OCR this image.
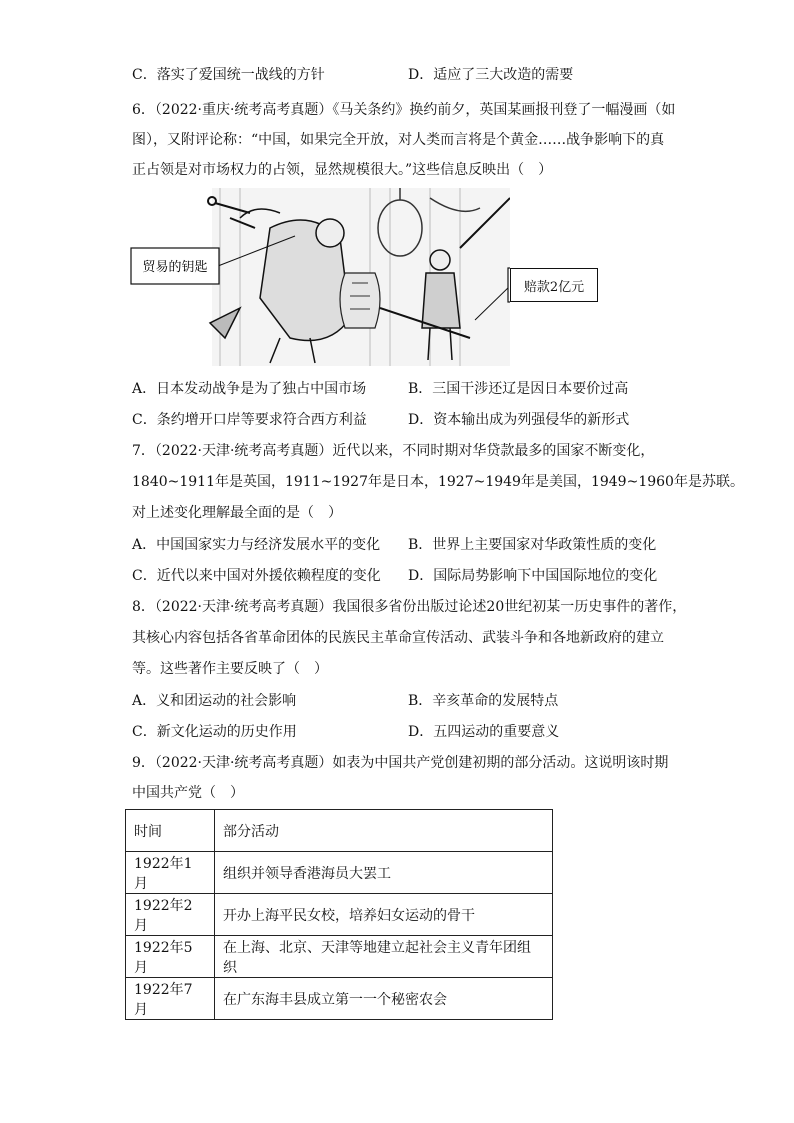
C．落实了爱国统一战线的方针	D．适应了三大改造的需要
6．（2022·重庆·统考高考真题）《马关条约》换约前夕，英国某画报刊登了一幅漫画（如
图），又附评论称：“中国，如果完全开放，对人类而言将是个黄金……战争影响下的真
正占领是对市场权力的占领，显然规模很大。”这些信息反映出（　）
贸易的钥匙
赔款2亿元
A．日本发动战争是为了独占中国市场	B．三国干涉还辽是因日本要价过高
C．条约增开口岸等要求符合西方利益	D．资本输出成为列强侵华的新形式
7．（2022·天津·统考高考真题）近代以来，不同时期对华贷款最多的国家不断变化，
1840~1911年是英国，1911~1927年是日本，1927~1949年是美国，1949~1960年是苏联。
对上述变化理解最全面的是（　）
A．中国国家实力与经济发展水平的变化 B．世界上主要国家对华政策性质的变化
C．近代以来中国对外援依赖程度的变化 D．国际局势影响下中国国际地位的变化
8．（2022·天津·统考高考真题）我国很多省份出版过论述20世纪初某一历史事件的著作，
其核心内容包括各省革命团体的民族民主革命宣传活动、武装斗争和各地新政府的建立
等。这些著作主要反映了（　）
A．义和团运动的社会影响	B．辛亥革命的发展特点
C．新文化运动的历史作用	D．五四运动的重要意义
9．（2022·天津·统考高考真题）如表为中国共产党创建初期的部分活动。这说明该时期
中国共产党（　）
时间	部分活动
1922年1月	组织并领导香港海员大罢工
1922年2月	开办上海平民女校，培养妇女运动的骨干
1922年5月	在上海、北京、天津等地建立起社会主义青年团组织
1922年7月	在广东海丰县成立第一一个秘密农会
